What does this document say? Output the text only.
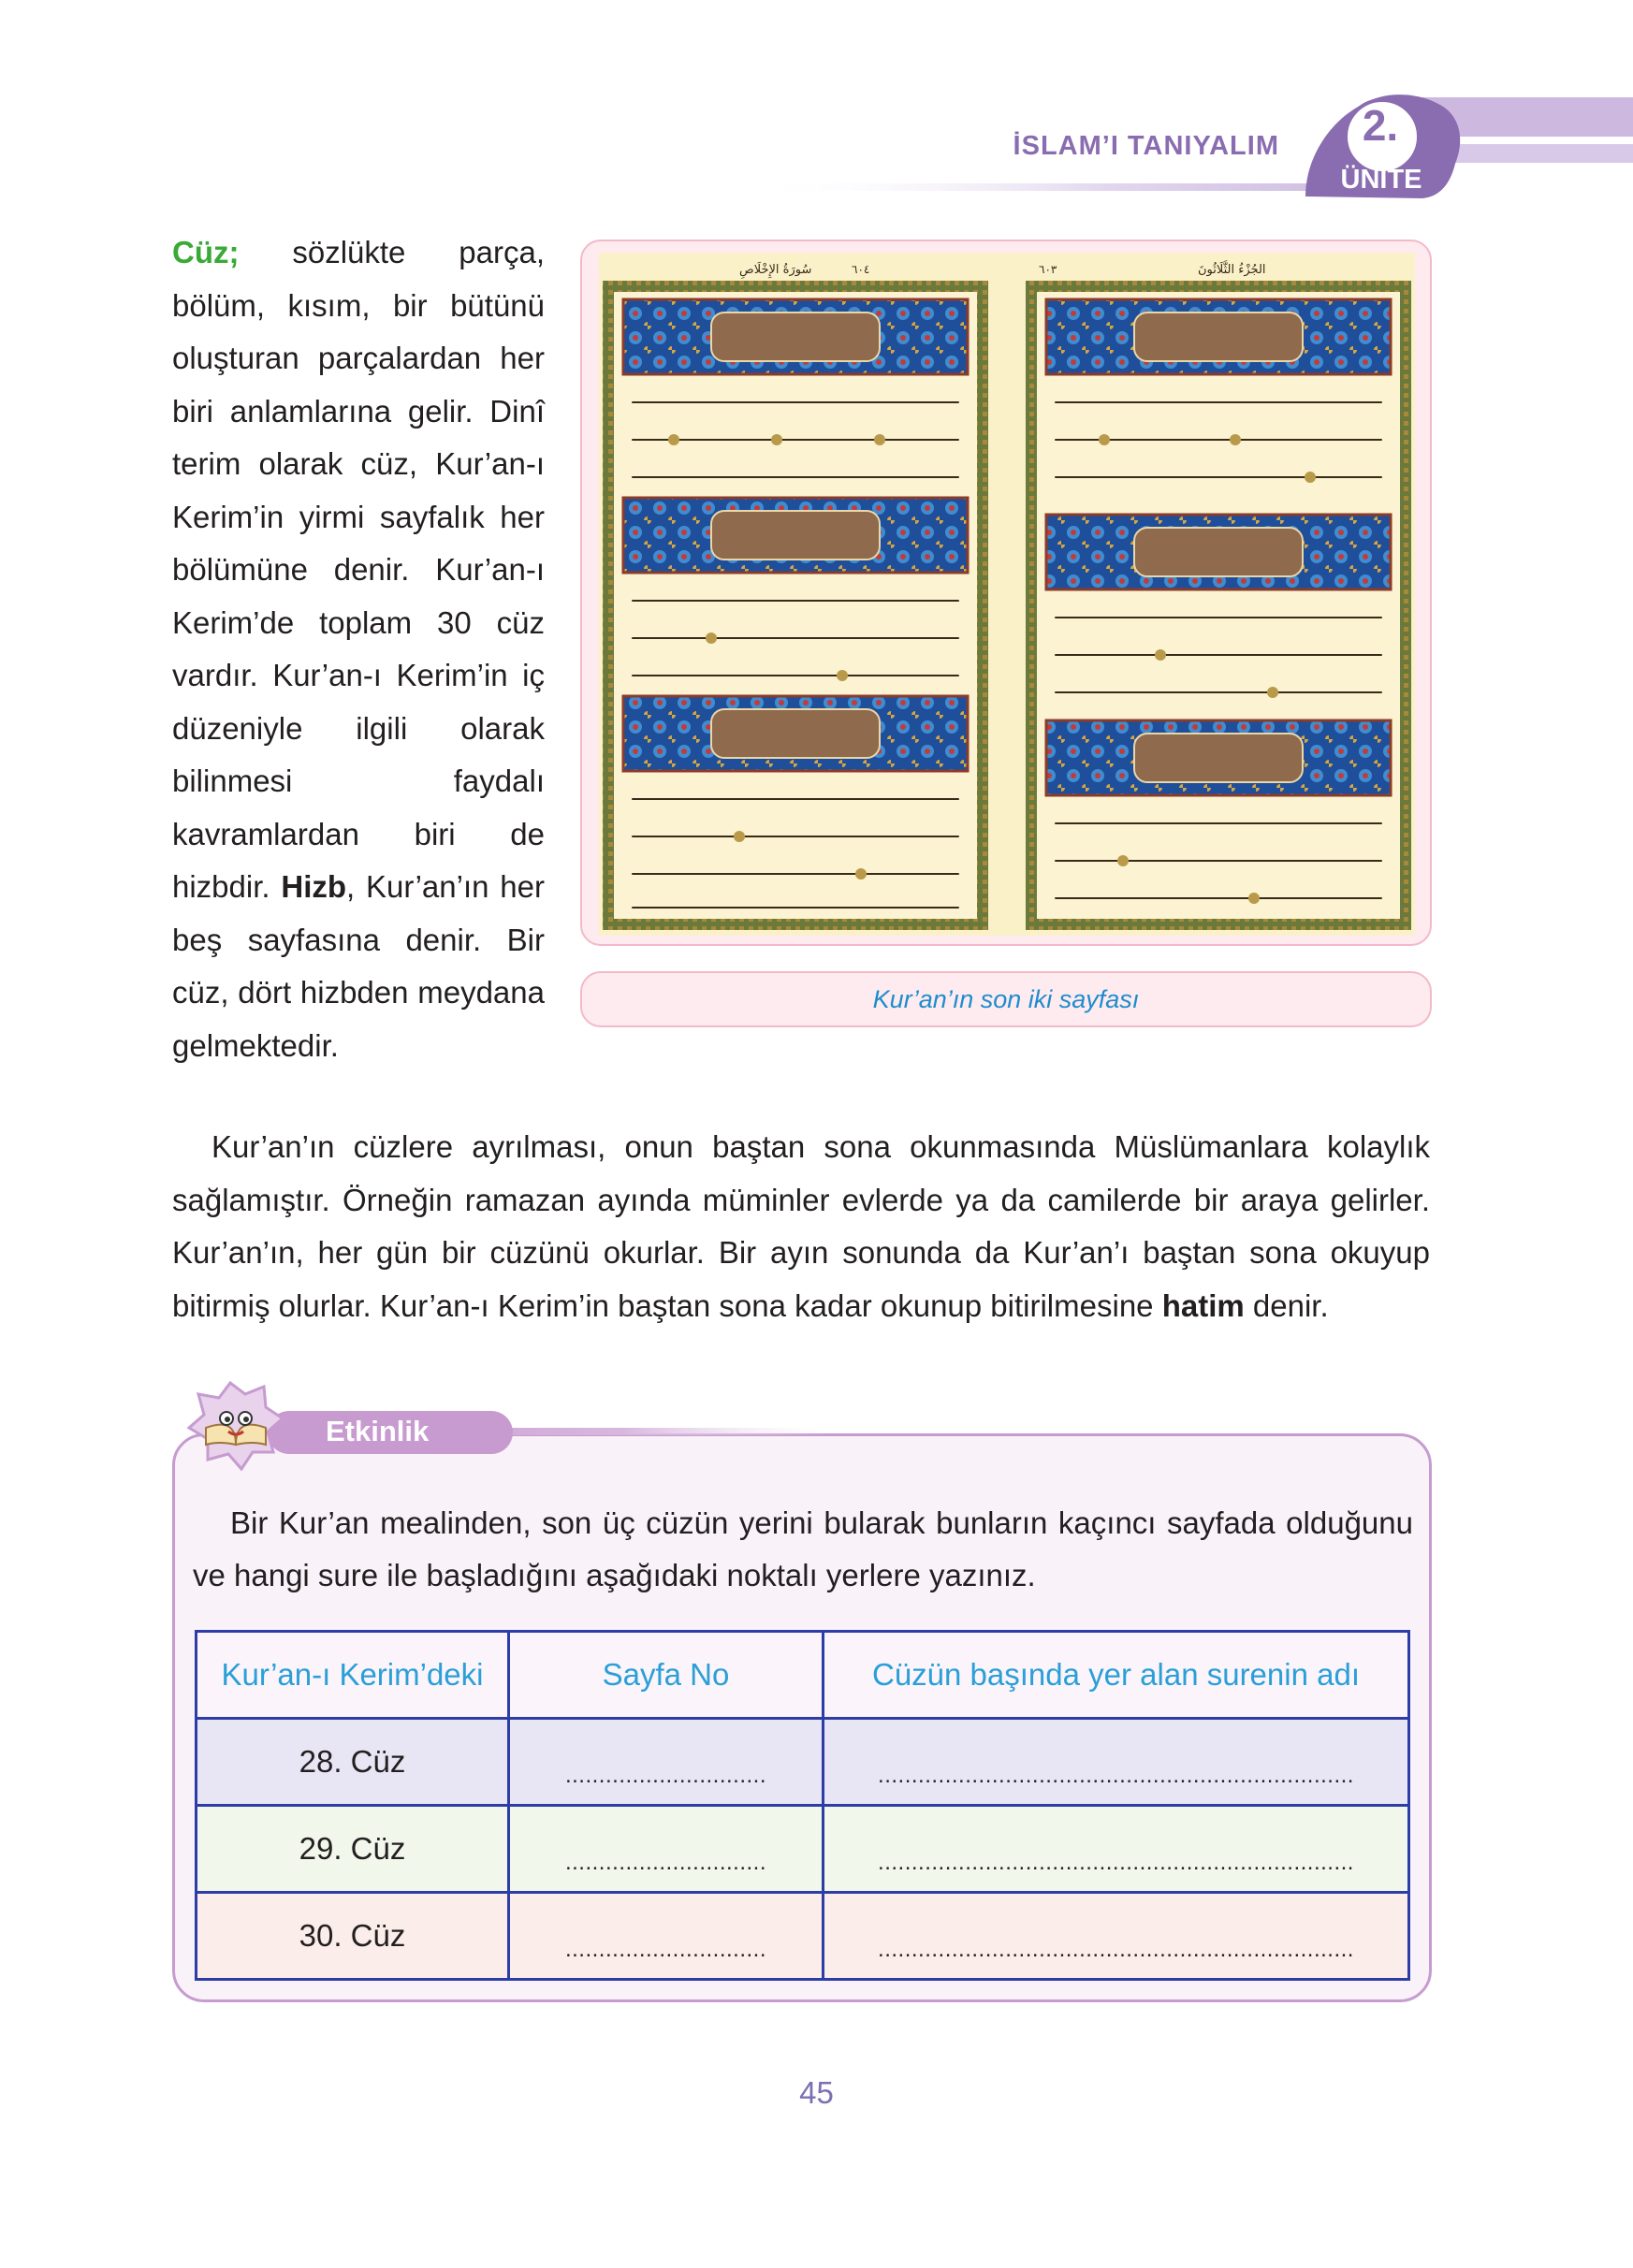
İSLAM’I TANIYALIM	2.
ÜNİTE
Cüz; sözlükte parça, bölüm, kısım, bir bütünü oluşturan parçalardan her biri anlamlarına gelir. Dinî terim olarak cüz, Kur’an-ı Kerim’in yirmi sayfalık her bölümüne denir. Kur’an-ı Kerim’de toplam 30 cüz vardır. Kur’an-ı Kerim’in iç düzeniyle ilgili olarak bilinmesi faydalı kavramlardan biri de hizbdir. Hizb, Kur’an’ın her beş sayfasına denir. Bir cüz, dört hizbden meydana gelmektedir.
سُورَةُ الإِخْلَاصِ	٦٠٤	٦٠٣	الجُزْءُ الثَّلَاثُونَ
Kur’an’ın son iki sayfası
Kur’an’ın cüzlere ayrılması, onun baştan sona okunmasında Müslümanlara kolaylık sağlamıştır. Örneğin ramazan ayında müminler evlerde ya da camilerde bir araya gelirler. Kur’an’ın, her gün bir cüzünü okurlar. Bir ayın sonunda da Kur’an’ı baştan sona okuyup bitirmiş olurlar. Kur’an-ı Kerim’in baştan sona kadar okunup bitirilmesine hatim denir.
Etkinlik
Bir Kur’an mealinden, son üç cüzün yerini bularak bunların kaçıncı sayfada olduğunu ve hangi sure ile başladığını aşağıdaki noktalı yerlere yazınız.
Kur’an-ı Kerim’deki	Sayfa No	Cüzün başında yer alan surenin adı
28. Cüz	..............................	.......................................................................
29. Cüz	..............................	.......................................................................
30. Cüz	..............................	.......................................................................
45
